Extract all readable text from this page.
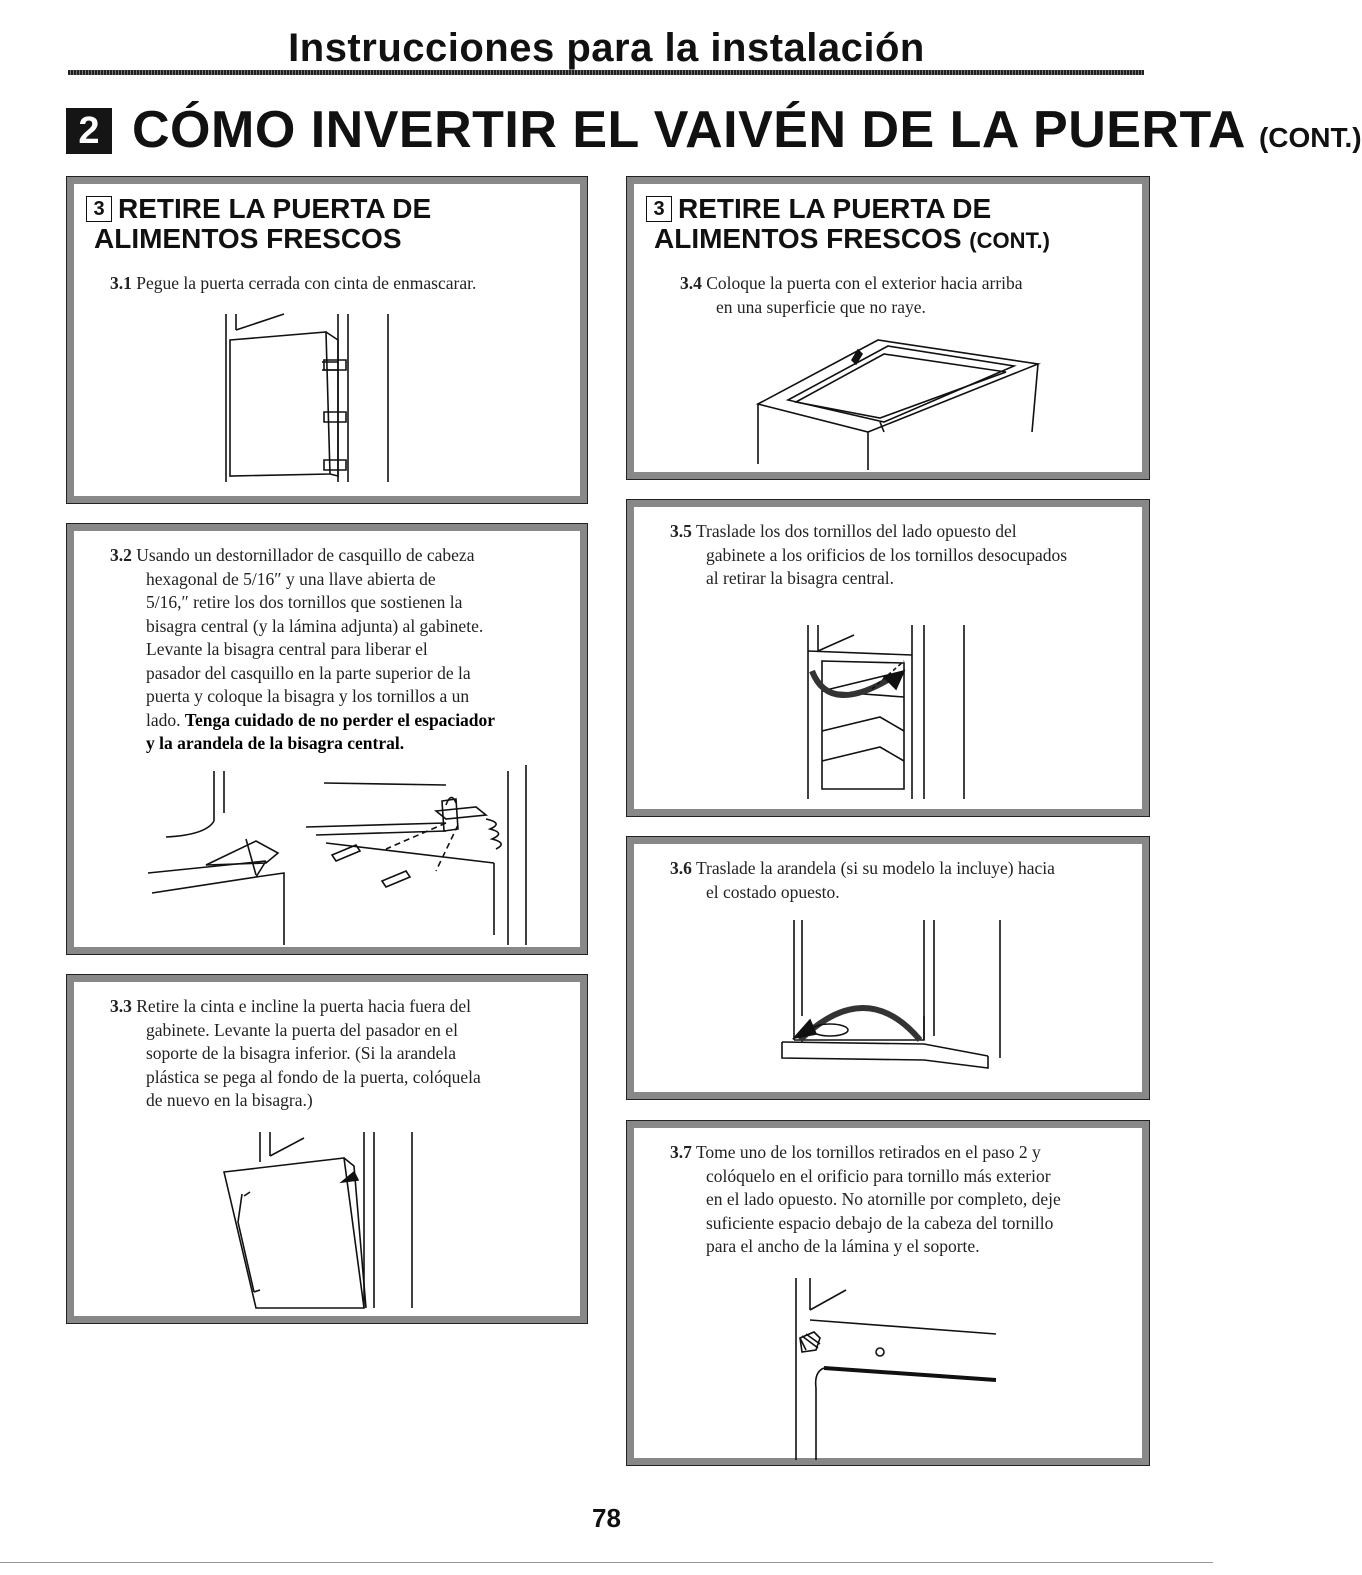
Instrucciones para la instalación
2 CÓMO INVERTIR EL VAIVÉN DE LA PUERTA (CONT.)
3 RETIRE LA PUERTA DE
ALIMENTOS FRESCOS
3.1 Pegue la puerta cerrada con cinta de enmascarar.
3.2 Usando un destornillador de casquillo de cabeza
hexagonal de 5/16″ y una llave abierta de
5/16,″ retire los dos tornillos que sostienen la
bisagra central (y la lámina adjunta) al gabinete.
Levante la bisagra central para liberar el
pasador del casquillo en la parte superior de la
puerta y coloque la bisagra y los tornillos a un
lado. Tenga cuidado de no perder el espaciador
y la arandela de la bisagra central.
3.3 Retire la cinta e incline la puerta hacia fuera del
gabinete. Levante la puerta del pasador en el
soporte de la bisagra inferior. (Si la arandela
plástica se pega al fondo de la puerta, colóquela
de nuevo en la bisagra.)
3 RETIRE LA PUERTA DE
ALIMENTOS FRESCOS (CONT.)
3.4 Coloque la puerta con el exterior hacia arriba
en una superficie que no raye.
3.5 Traslade los dos tornillos del lado opuesto del
gabinete a los orificios de los tornillos desocupados
al retirar la bisagra central.
3.6 Traslade la arandela (si su modelo la incluye) hacia
el costado opuesto.
3.7 Tome uno de los tornillos retirados en el paso 2 y
colóquelo en el orificio para tornillo más exterior
en el lado opuesto. No atornille por completo, deje
suficiente espacio debajo de la cabeza del tornillo
para el ancho de la lámina y el soporte.
78
